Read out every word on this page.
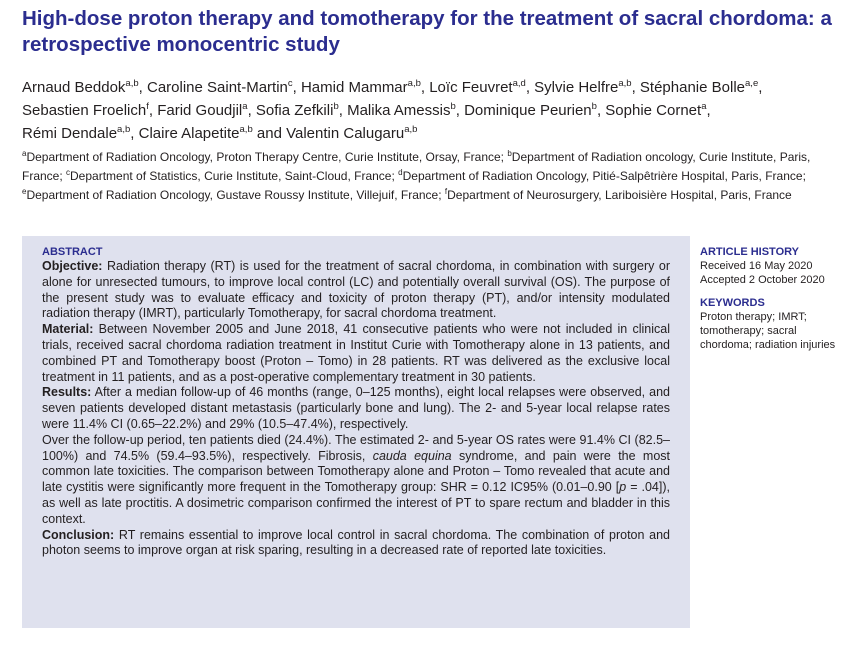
High-dose proton therapy and tomotherapy for the treatment of sacral chordoma: a retrospective monocentric study

Arnaud Beddok$^{a,b}$, Caroline Saint-Martin$^c$, Hamid Mammar$^{a,b}$, Loïc Feuvret$^{a,d}$, Sylvie Helfre$^{a,b}$, Stéphanie Bolle$^{a,e}$,
Sebastien Froelich$^f$, Farid Goudjil$^a$, Sofia Zefkili$^b$, Malika Amessis$^b$, Dominique Peurien$^b$, Sophie Cornet$^a$,
Rémi Dendale$^{a,b}$, Claire Alapetite$^{a,b}$ and Valentin Calugaru$^{a,b}$

$^a$Department of Radiation Oncology, Proton Therapy Centre, Curie Institute, Orsay, France; $^b$Department of Radiation oncology, Curie Institute, Paris, France; $^c$Department of Statistics, Curie Institute, Saint-Cloud, France; $^d$Department of Radiation Oncology, Pitié-Salpêtrière Hospital, Paris, France; $^e$Department of Radiation Oncology, Gustave Roussy Institute, Villejuif, France; $^f$Department of Neurosurgery, Lariboisière Hospital, Paris, France

ABSTRACT

Objective: Radiation therapy (RT) is used for the treatment of sacral chordoma, in combination with surgery or alone for unresected tumours, to improve local control (LC) and potentially overall survival (OS). The purpose of the present study was to evaluate efficacy and toxicity of proton therapy (PT), and/or intensity modulated radiation therapy (IMRT), particularly Tomotherapy, for sacral chordoma treatment.

Material: Between November 2005 and June 2018, 41 consecutive patients who were not included in clinical trials, received sacral chordoma radiation treatment in Institut Curie with Tomotherapy alone in 13 patients, and combined PT and Tomotherapy boost (Proton – Tomo) in 28 patients. RT was delivered as the exclusive local treatment in 11 patients, and as a post-operative complementary treatment in 30 patients.

Results: After a median follow-up of 46 months (range, 0–125 months), eight local relapses were observed, and seven patients developed distant metastasis (particularly bone and lung). The 2- and 5-year local relapse rates were 11.4% CI (0.65–22.2%) and 29% (10.5–47.4%), respectively.

Over the follow-up period, ten patients died (24.4%). The estimated 2- and 5-year OS rates were 91.4% CI (82.5–100%) and 74.5% (59.4–93.5%), respectively. Fibrosis, cauda equina syndrome, and pain were the most common late toxicities. The comparison between Tomotherapy alone and Proton – Tomo revealed that acute and late cystitis were significantly more frequent in the Tomotherapy group: SHR = 0.12 IC95% (0.01–0.90 [p = .04]), as well as late proctitis. A dosimetric comparison confirmed the interest of PT to spare rectum and bladder in this context.

Conclusion: RT remains essential to improve local control in sacral chordoma. The combination of proton and photon seems to improve organ at risk sparing, resulting in a decreased rate of reported late toxicities.

ARTICLE HISTORY
Received 16 May 2020
Accepted 2 October 2020
KEYWORDS
Proton therapy; IMRT;
tomotherapy; sacral
chordoma; radiation injuries
